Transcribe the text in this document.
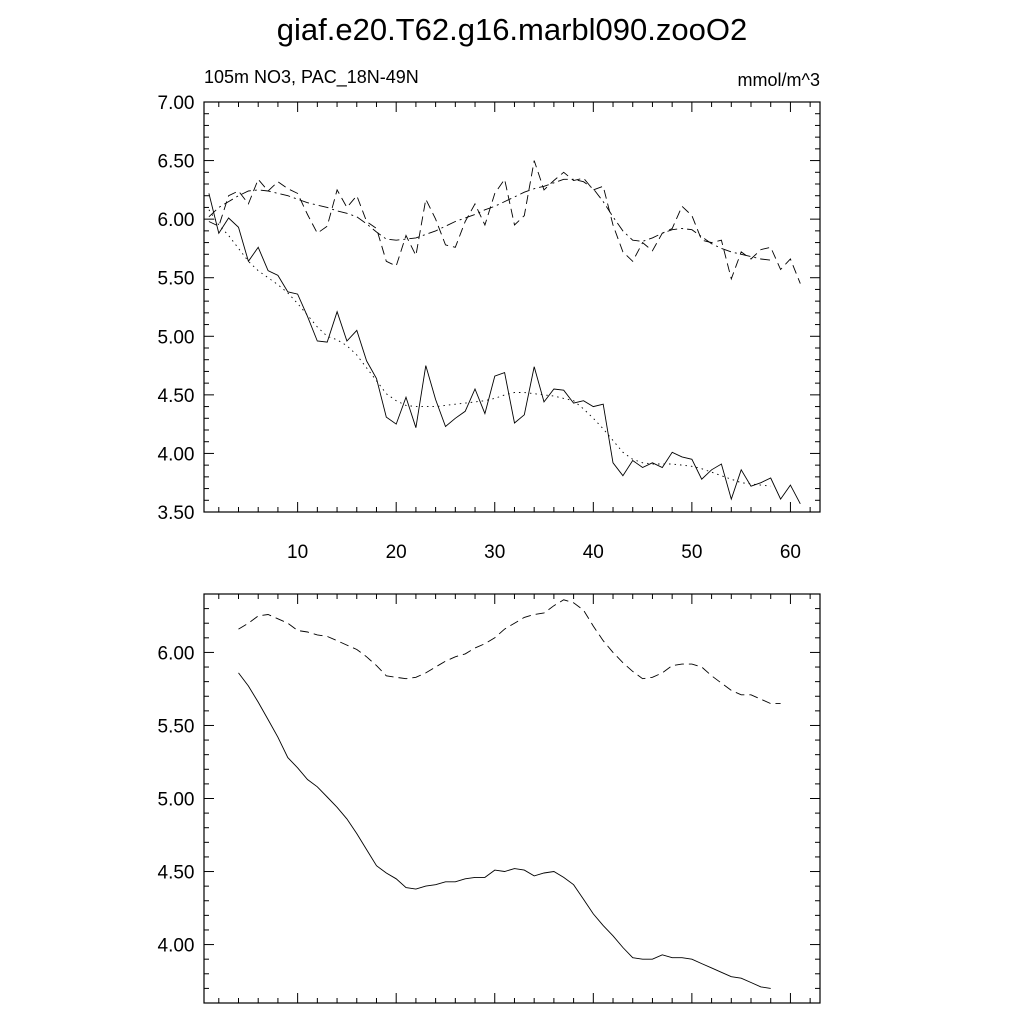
giaf.e20.T62.g16.marbl090.zooO2
105m NO3, PAC_18N-49N	mmol/m^3
3.50
4.00
4.50
5.00
5.50
6.00
6.50
7.00
10	20	30	40	50	60
4.00
4.50
5.00
5.50
6.00
